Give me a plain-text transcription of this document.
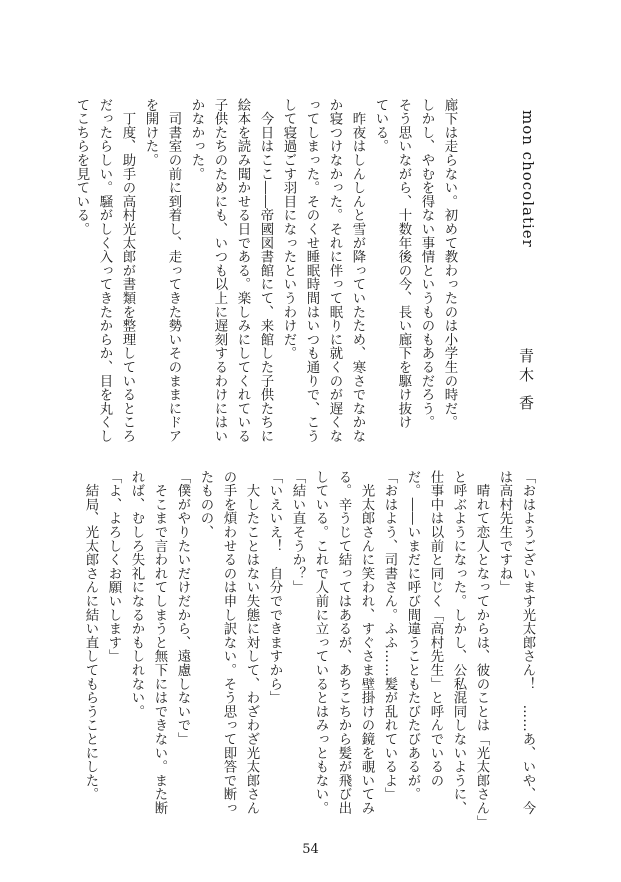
mon chocolatier
青木 香

廊下は走らない。初めて教わったのは小学生の時だ。

しかし、やむを得ない事情というものもあるだろう。

そう思いながら、十数年後の今、長い廊下を駆け抜け

ている。

　昨夜はしんしんと雪が降っていたため、寒さでなかな

か寝つけなかった。それに伴って眠りに就くのが遅くな

ってしまった。そのくせ睡眠時間はいつも通りで、こう

して寝過ごす羽目になったというわけだ。

　今日はここ――帝國図書館にて、来館した子供たちに

絵本を読み聞かせる日である。楽しみにしてくれている

子供たちのためにも、いつも以上に遅刻するわけにはい

かなかった。

　司書室の前に到着し、走ってきた勢いそのままにドア

を開けた。

　丁度、助手の高村光太郎が書類を整理しているところ

だったらしい。騒がしく入ってきたからか、目を丸くし

てこちらを見ている。

「おはようございます光太郎さん！　……あ、いや、今

は高村先生ですね」

　晴れて恋人となってからは、彼のことは「光太郎さん」

と呼ぶようになった。しかし、公私混同しないように、

仕事中は以前と同じく「高村先生」と呼んでいるの

だ。――いまだに呼び間違うこともたびたびあるが。

「おはよう、司書さん。ふふ……髪が乱れているよ」

　光太郎さんに笑われ、すぐさま壁掛けの鏡を覗いてみ

る。辛うじて結ってはあるが、あちこちから髪が飛び出

している。これで人前に立っているとはみっともない。

「結い直そうか？」

「いえいえ！　自分でできますから」

　大したことはない失態に対して、わざわざ光太郎さん

の手を煩わせるのは申し訳ない。そう思って即答で断っ

たものの、

「僕がやりたいだけだから、遠慮しないで」

　そこまで言われてしまうと無下にはできない。また断

れば、むしろ失礼になるかもしれない。

「よ、よろしくお願いします」

　結局、光太郎さんに結い直してもらうことにした。

54
